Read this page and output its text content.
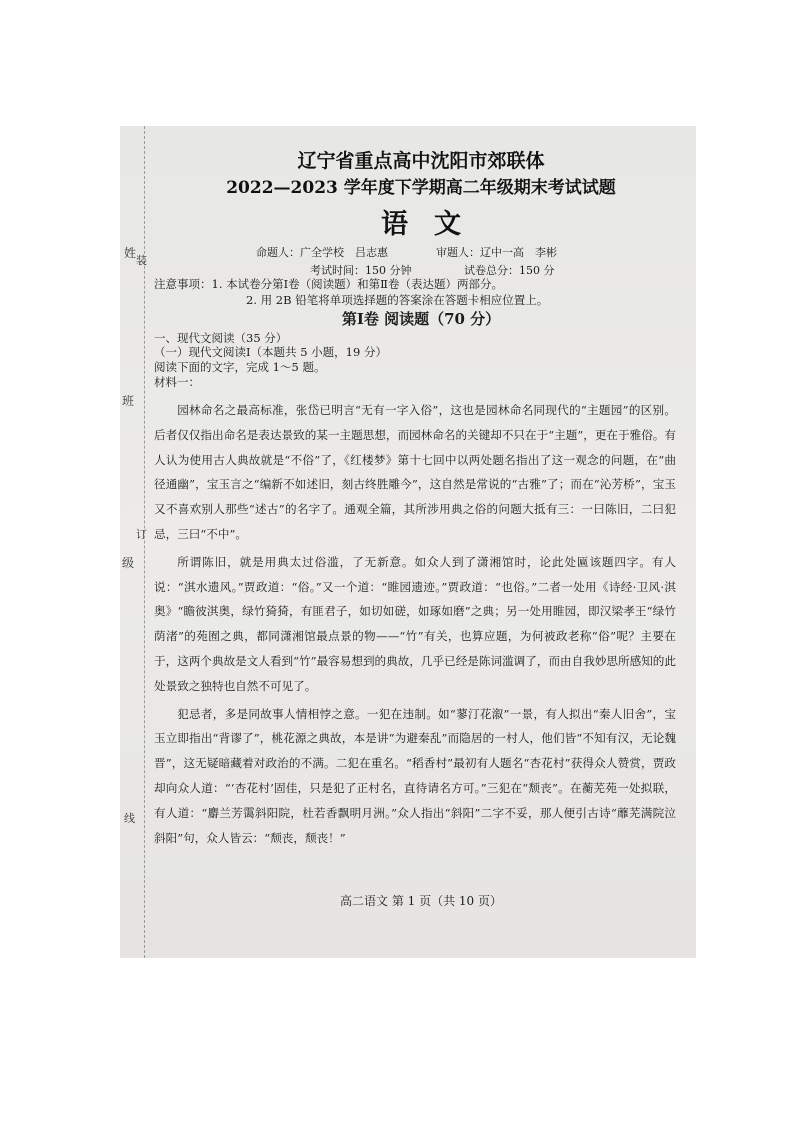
姓
装
班
订
级
线
辽宁省重点高中沈阳市郊联体
2022—2023 学年度下学期高二年级期末考试试题
语文
命题人：广全学校　吕志惠	审题人：辽中一高　李彬
考试时间：150 分钟	试卷总分：150 分
注意事项：1. 本试卷分第Ⅰ卷（阅读题）和第Ⅱ卷（表达题）两部分。
2. 用 2B 铅笔将单项选择题的答案涂在答题卡相应位置上。
第Ⅰ卷 阅读题（70 分）
一、现代文阅读（35 分）
（一）现代文阅读Ⅰ（本题共 5 小题，19 分）
阅读下面的文字，完成 1～5 题。
材料一：

园林命名之最高标准，张岱已明言“无有一字入俗”，这也是园林命名同现代的“主题园”的区别。后者仅仅指出命名是表达景致的某一主题思想，而园林命名的关键却不只在于“主题”，更在于雅俗。有人认为使用古人典故就是“不俗”了，《红楼梦》第十七回中以两处题名指出了这一观念的问题，在“曲径通幽”，宝玉言之“编新不如述旧，刻古终胜雕今”，这自然是常说的“古雅”了；而在“沁芳桥”，宝玉又不喜欢别人那些“述古”的名字了。通观全篇，其所涉用典之俗的问题大抵有三：一曰陈旧，二曰犯忌，三曰“不中”。

所谓陈旧，就是用典太过俗滥，了无新意。如众人到了潇湘馆时，论此处匾该题四字。有人说：“淇水遗风。”贾政道：“俗。”又一个道：“睢园遗迹。”贾政道：“也俗。”二者一处用《诗经·卫风·淇奥》“瞻彼淇奥，绿竹猗猗，有匪君子，如切如磋，如琢如磨”之典；另一处用睢园，即汉梁孝王“绿竹荫渚”的苑囿之典，都同潇湘馆最点景的物——“竹”有关，也算应题，为何被政老称“俗”呢？主要在于，这两个典故是文人看到“竹”最容易想到的典故，几乎已经是陈词滥调了，而由自我妙思所感知的此处景致之独特也自然不可见了。

犯忌者，多是同故事人情相悖之意。一犯在违制。如“蓼汀花溆”一景，有人拟出“秦人旧舍”，宝玉立即指出“背谬了”，桃花源之典故，本是讲“为避秦乱”而隐居的一村人，他们皆“不知有汉，无论魏晋”，这无疑暗藏着对政治的不满。二犯在重名。“稻香村”最初有人题名“杏花村”获得众人赞赏，贾政却向众人道：“‘杏花村’固佳，只是犯了正村名，直待请名方可。”三犯在“颓丧”。在蘅芜苑一处拟联，有人道：“麝兰芳霭斜阳院，杜若香飘明月洲。”众人指出“斜阳”二字不妥，那人便引古诗“蘼芜满院泣斜阳”句，众人皆云：“颓丧，颓丧！”

高二语文 第 1 页（共 10 页）
